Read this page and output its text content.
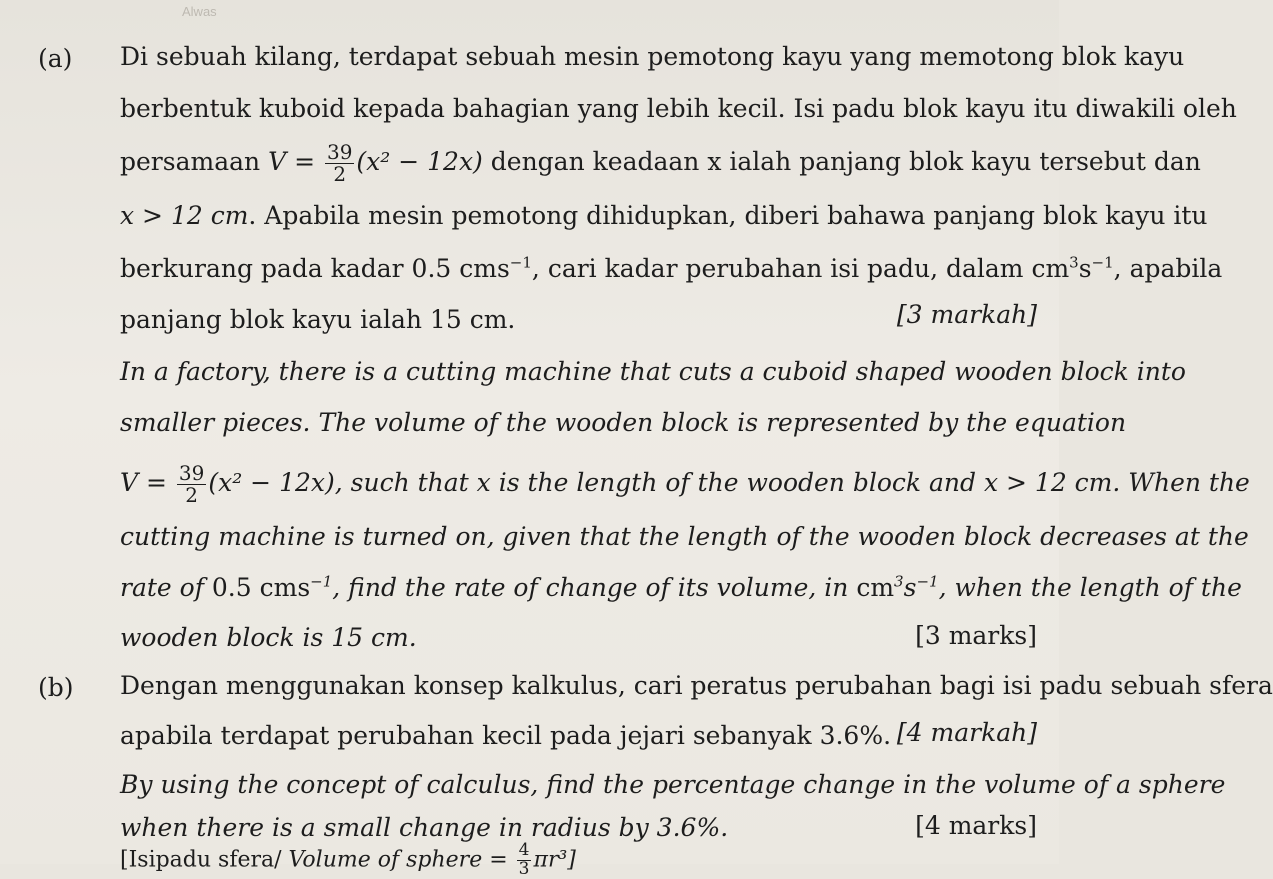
Alwas
(a) Di sebuah kilang, terdapat sebuah mesin pemotong kayu yang memotong blok kayu
berbentuk kuboid kepada bahagian yang lebih kecil. Isi padu blok kayu itu diwakili oleh
persamaan $V = \frac{39}{2} (x^2 - 12x)$ dengan keadaan x ialah panjang blok kayu tersebut dan
x > 12 cm. Apabila mesin pemotong dihidupkan, diberi bahawa panjang blok kayu itu
berkurang pada kadar 0.5 cms$^{-1}$, cari kadar perubahan isi padu, dalam $cm^3s^{-1}$, apabila
panjang blok kayu ialah 15 cm.	[3 markah]
In a factory, there is a cutting machine that cuts a cuboid shaped wooden block into
smaller pieces. The volume of the wooden block is represented by the equation
$V = \frac{39}{2} (x^2 - 12x)$, such that x is the length of the wooden block and x > 12 cm. When the
cutting machine is turned on, given that the length of the wooden block decreases at the
rate of 0.5 cms$^{-1}$, find the rate of change of its volume, in $cm^3s^{-1}$, when the length of the
wooden block is 15 cm.	[3 marks]
(b) Dengan menggunakan konsep kalkulus, cari peratus perubahan bagi isi padu sebuah sfera
apabila terdapat perubahan kecil pada jejari sebanyak 3.6%. [4 markah]
By using the concept of calculus, find the percentage change in the volume of a sphere
when there is a small change in radius by 3.6%.	[4 marks]
[Isipadu sfera/ Volume of sphere = $\frac{4}{3} \pi r^3$]
